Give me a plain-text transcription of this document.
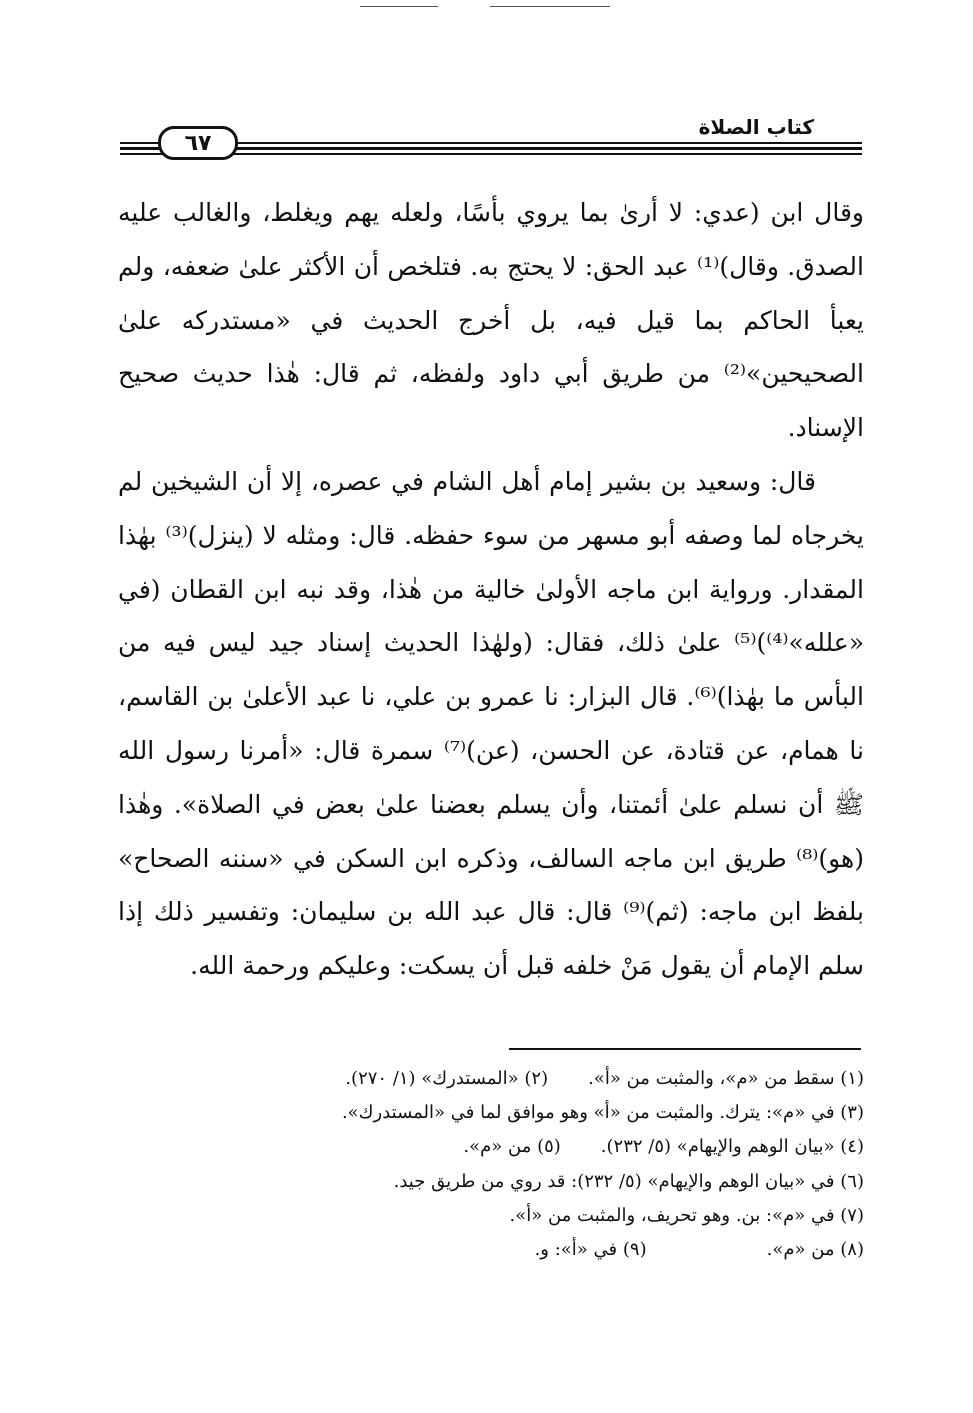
٦٧
كتاب الصلاة

وقال ابن (عدي: لا أرىٰ بما يروي بأسًا، ولعله يهم ويغلط، والغالب عليه الصدق. وقال)⁽¹⁾ عبد الحق: لا يحتج به. فتلخص أن الأكثر علىٰ ضعفه، ولم يعبأ الحاكم بما قيل فيه، بل أخرج الحديث في «مستدركه علىٰ الصحيحين»⁽²⁾ من طريق أبي داود ولفظه، ثم قال: هٰذا حديث صحيح الإسناد.

قال: وسعيد بن بشير إمام أهل الشام في عصره، إلا أن الشيخين لم يخرجاه لما وصفه أبو مسهر من سوء حفظه. قال: ومثله لا (ينزل)⁽³⁾ بهٰذا المقدار. ورواية ابن ماجه الأولىٰ خالية من هٰذا، وقد نبه ابن القطان (في «علله»⁽⁴⁾)⁽⁵⁾ علىٰ ذلك، فقال: (ولهٰذا الحديث إسناد جيد ليس فيه من البأس ما بهٰذا)⁽⁶⁾. قال البزار: نا عمرو بن علي، نا عبد الأعلىٰ بن القاسم، نا همام، عن قتادة، عن الحسن، (عن)⁽⁷⁾ سمرة قال: «أمرنا رسول الله ﷺ أن نسلم علىٰ أئمتنا، وأن يسلم بعضنا علىٰ بعض في الصلاة». وهٰذا (هو)⁽⁸⁾ طريق ابن ماجه السالف، وذكره ابن السكن في «سننه الصحاح» بلفظ ابن ماجه: (ثم)⁽⁹⁾ قال: قال عبد الله بن سليمان: وتفسير ذلك إذا سلم الإمام أن يقول مَنْ خلفه قبل أن يسكت: وعليكم ورحمة الله.

(١) سقط من «م»، والمثبت من «أ».(٢) «المستدرك» (١/ ٢٧٠).
(٣) في «م»: يترك. والمثبت من «أ» وهو موافق لما في «المستدرك».
(٤) «بيان الوهم والإيهام» (٥/ ٢٣٢).(٥) من «م».
(٦) في «بيان الوهم والإيهام» (٥/ ٢٣٢): قد روي من طريق جيد.
(٧) في «م»: بن. وهو تحريف، والمثبت من «أ».
(٨) من «م».(٩) في «أ»: و.
